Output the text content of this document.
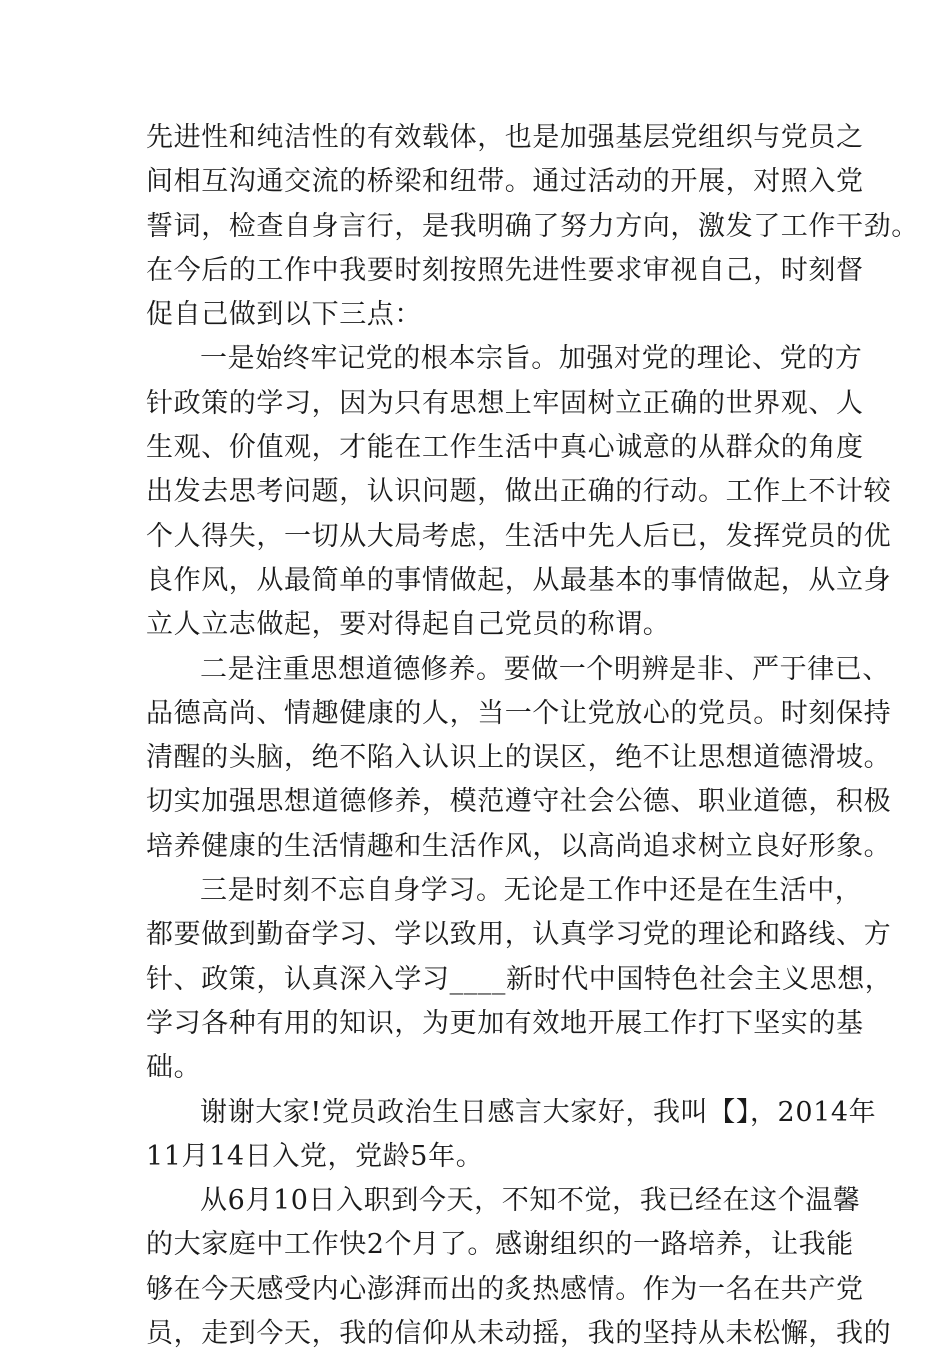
先进性和纯洁性的有效载体，也是加强基层党组织与党员之
间相互沟通交流的桥梁和纽带。通过活动的开展，对照入党
誓词，检查自身言行，是我明确了努力方向，激发了工作干劲。
在今后的工作中我要时刻按照先进性要求审视自己，时刻督
促自己做到以下三点：
一是始终牢记党的根本宗旨。加强对党的理论、党的方
针政策的学习，因为只有思想上牢固树立正确的世界观、人
生观、价值观，才能在工作生活中真心诚意的从群众的角度
出发去思考问题，认识问题，做出正确的行动。工作上不计较
个人得失，一切从大局考虑，生活中先人后已，发挥党员的优
良作风，从最简单的事情做起，从最基本的事情做起，从立身
立人立志做起，要对得起自己党员的称谓。
二是注重思想道德修养。要做一个明辨是非、严于律已、
品德高尚、情趣健康的人，当一个让党放心的党员。时刻保持
清醒的头脑，绝不陷入认识上的误区，绝不让思想道德滑坡。
切实加强思想道德修养，模范遵守社会公德、职业道德，积极
培养健康的生活情趣和生活作风，以高尚追求树立良好形象。
三是时刻不忘自身学习。无论是工作中还是在生活中，
都要做到勤奋学习、学以致用，认真学习党的理论和路线、方
针、政策，认真深入学习____新时代中国特色社会主义思想，
学习各种有用的知识，为更加有效地开展工作打下坚实的基
础。
谢谢大家!党员政治生日感言大家好，我叫【】，2014年
11月14日入党，党龄5年。
从6月10日入职到今天，不知不觉，我已经在这个温馨
的大家庭中工作快2个月了。感谢组织的一路培养，让我能
够在今天感受内心澎湃而出的炙热感情。作为一名在共产党
员，走到今天，我的信仰从未动摇，我的坚持从未松懈，我的
